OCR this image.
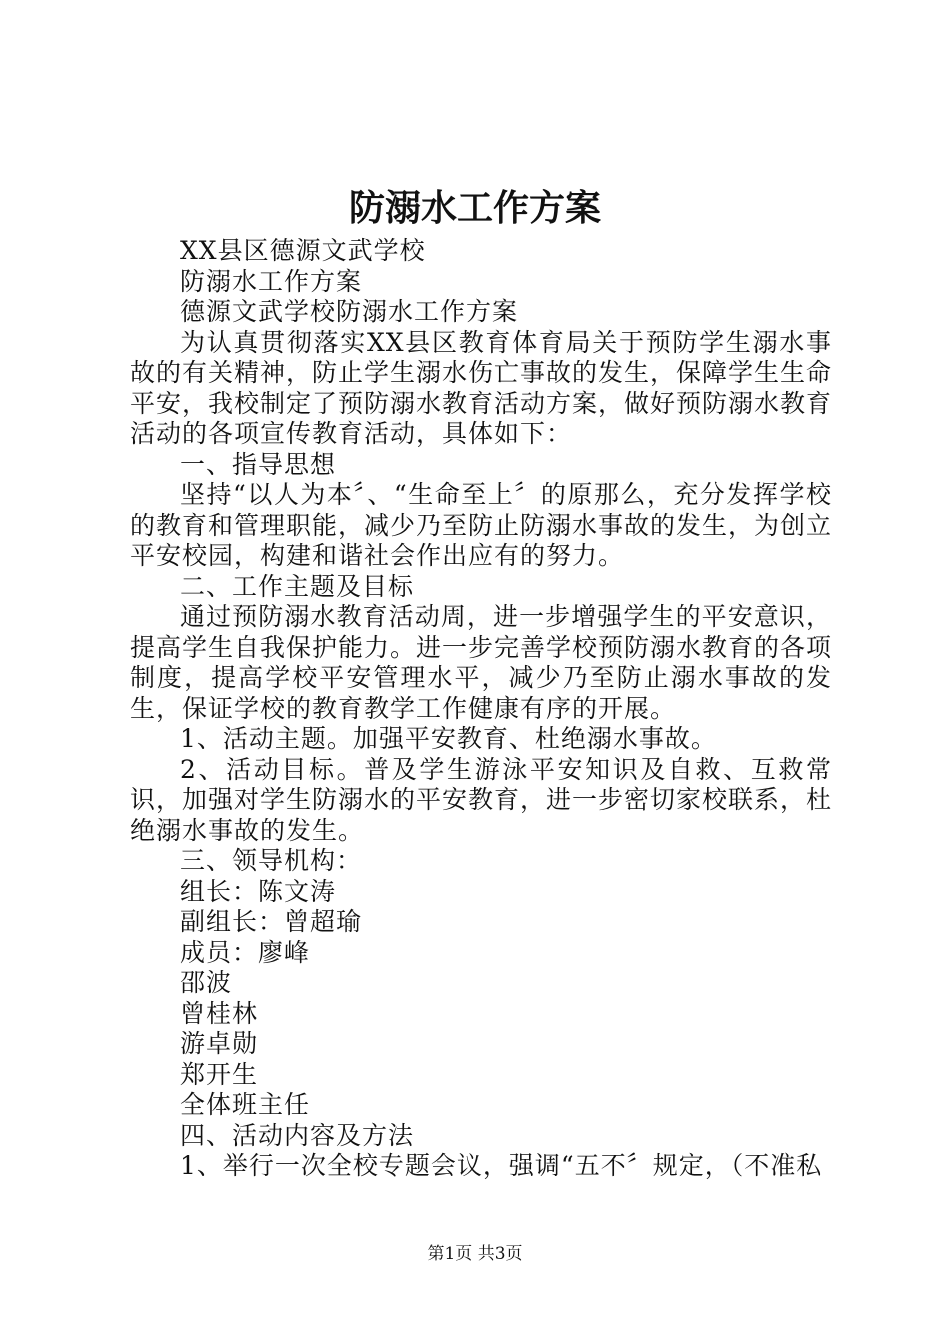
防溺水工作方案

XX县区德源文武学校

防溺水工作方案

德源文武学校防溺水工作方案

为认真贯彻落实XX县区教育体育局关于预防学生溺水事故的有关精神，防止学生溺水伤亡事故的发生，保障学生生命平安，我校制定了预防溺水教育活动方案，做好预防溺水教育活动的各项宣传教育活动，具体如下：

一、指导思想

坚持“以人为本〞、“生命至上〞的原那么，充分发挥学校的教育和管理职能，减少乃至防止防溺水事故的发生，为创立平安校园，构建和谐社会作出应有的努力。

二、工作主题及目标

通过预防溺水教育活动周，进一步增强学生的平安意识，提高学生自我保护能力。进一步完善学校预防溺水教育的各项制度，提高学校平安管理水平，减少乃至防止溺水事故的发生，保证学校的教育教学工作健康有序的开展。

1、活动主题。加强平安教育、杜绝溺水事故。

2、活动目标。普及学生游泳平安知识及自救、互救常识，加强对学生防溺水的平安教育，进一步密切家校联系，杜绝溺水事故的发生。

三、领导机构：

组长：陈文涛

副组长：曾超瑜

成员：廖峰

邵波

曾桂林

游卓勋

郑开生

全体班主任

四、活动内容及方法

1、举行一次全校专题会议，强调“五不〞规定，（不准私

第1页 共3页
